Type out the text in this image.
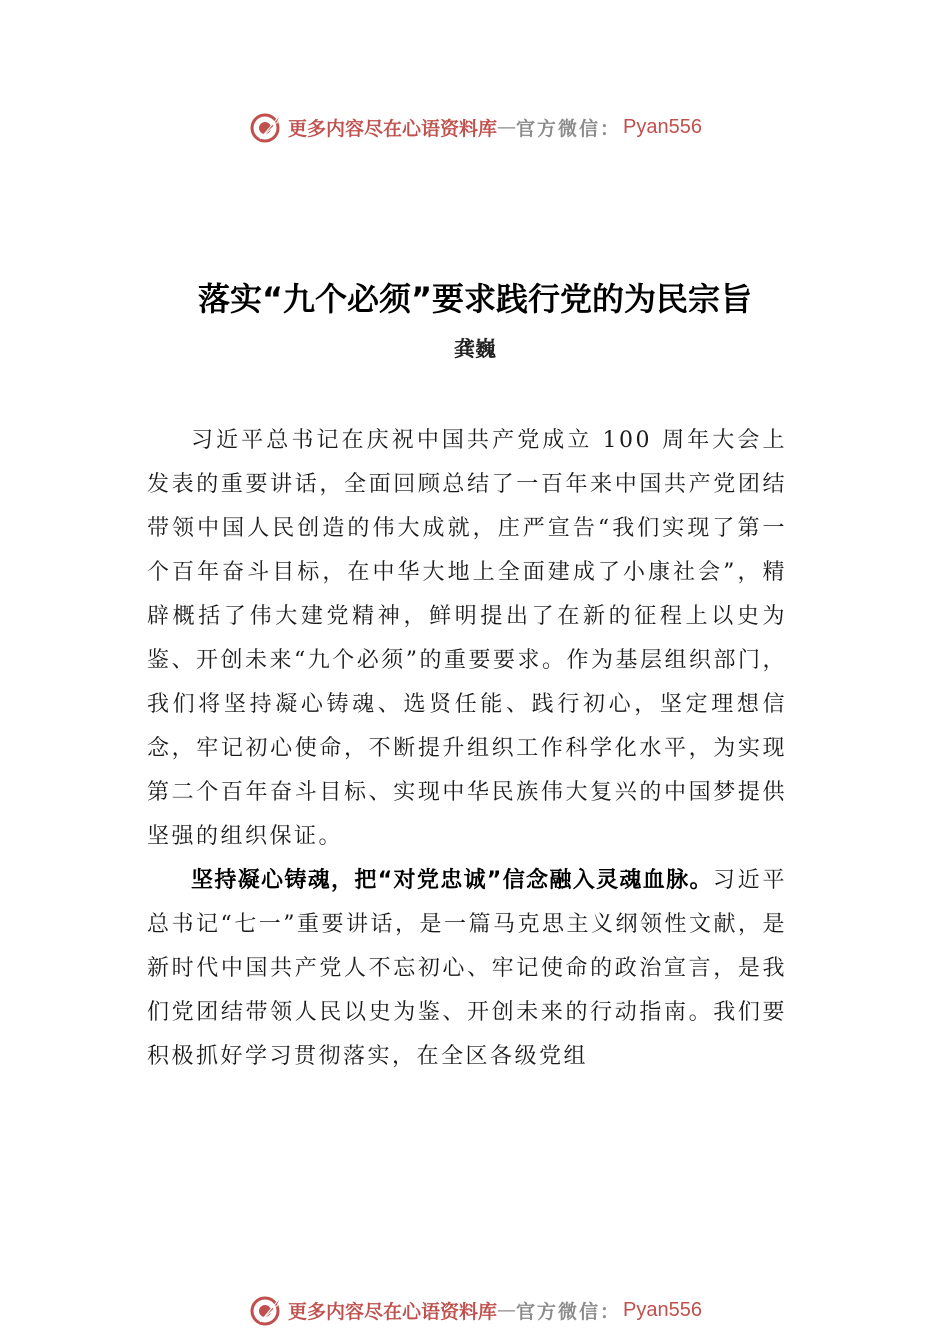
更多内容尽在心语资料库 — 官方微信： Pyan556
落实“九个必须”要求践行党的为民宗旨
龚巍

习近平总书记在庆祝中国共产党成立 100 周年大会上发表的重要讲话，全面回顾总结了一百年来中国共产党团结带领中国人民创造的伟大成就，庄严宣告“我们实现了第一个百年奋斗目标，在中华大地上全面建成了小康社会”，精辟概括了伟大建党精神，鲜明提出了在新的征程上以史为鉴、开创未来“九个必须”的重要要求。作为基层组织部门，我们将坚持凝心铸魂、选贤任能、践行初心，坚定理想信念，牢记初心使命，不断提升组织工作科学化水平，为实现第二个百年奋斗目标、实现中华民族伟大复兴的中国梦提供坚强的组织保证。

坚持凝心铸魂，把“对党忠诚”信念融入灵魂血脉。习近平总书记“七一”重要讲话，是一篇马克思主义纲领性文献，是新时代中国共产党人不忘初心、牢记使命的政治宣言，是我们党团结带领人民以史为鉴、开创未来的行动指南。我们要积极抓好学习贯彻落实，在全区各级党组

更多内容尽在心语资料库 — 官方微信： Pyan556
